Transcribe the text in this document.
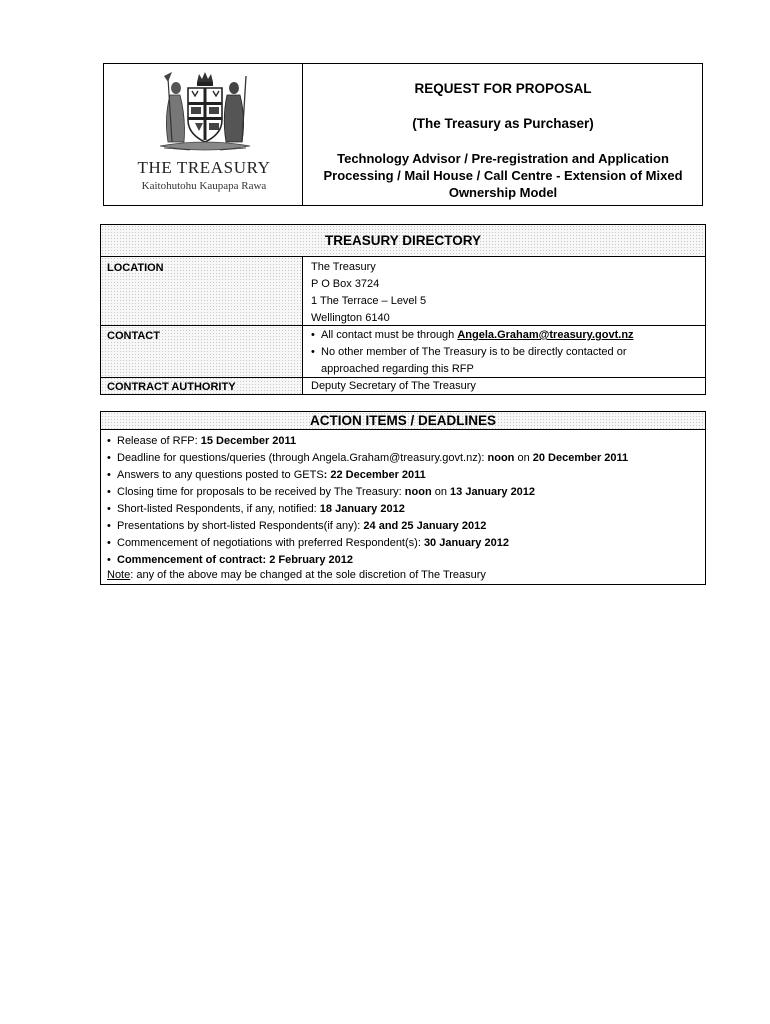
THE TREASURY
Kaitohutohu Kaupapa Rawa
REQUEST FOR PROPOSAL
(The Treasury as Purchaser)
Technology Advisor / Pre-registration and Application Processing / Mail House / Call Centre - Extension of Mixed Ownership Model
TREASURY DIRECTORY
LOCATION
CONTACT
CONTRACT AUTHORITY
The Treasury
P O Box 3724
1 The Terrace – Level 5
Wellington 6140
• All contact must be through Angela.Graham@treasury.govt.nz
• No other member of The Treasury is to be directly contacted or
approached regarding this RFP
Deputy Secretary of The Treasury
ACTION ITEMS / DEADLINES
• Release of RFP: 15 December 2011
• Deadline for questions/queries (through Angela.Graham@treasury.govt.nz): noon on 20 December 2011
• Answers to any questions posted to GETS: 22 December 2011
• Closing time for proposals to be received by The Treasury: noon on 13 January 2012
• Short-listed Respondents, if any, notified: 18 January 2012
• Presentations by short-listed Respondents(if any): 24 and 25 January 2012
• Commencement of negotiations with preferred Respondent(s): 30 January 2012
• Commencement of contract: 2 February 2012
Note: any of the above may be changed at the sole discretion of The Treasury
